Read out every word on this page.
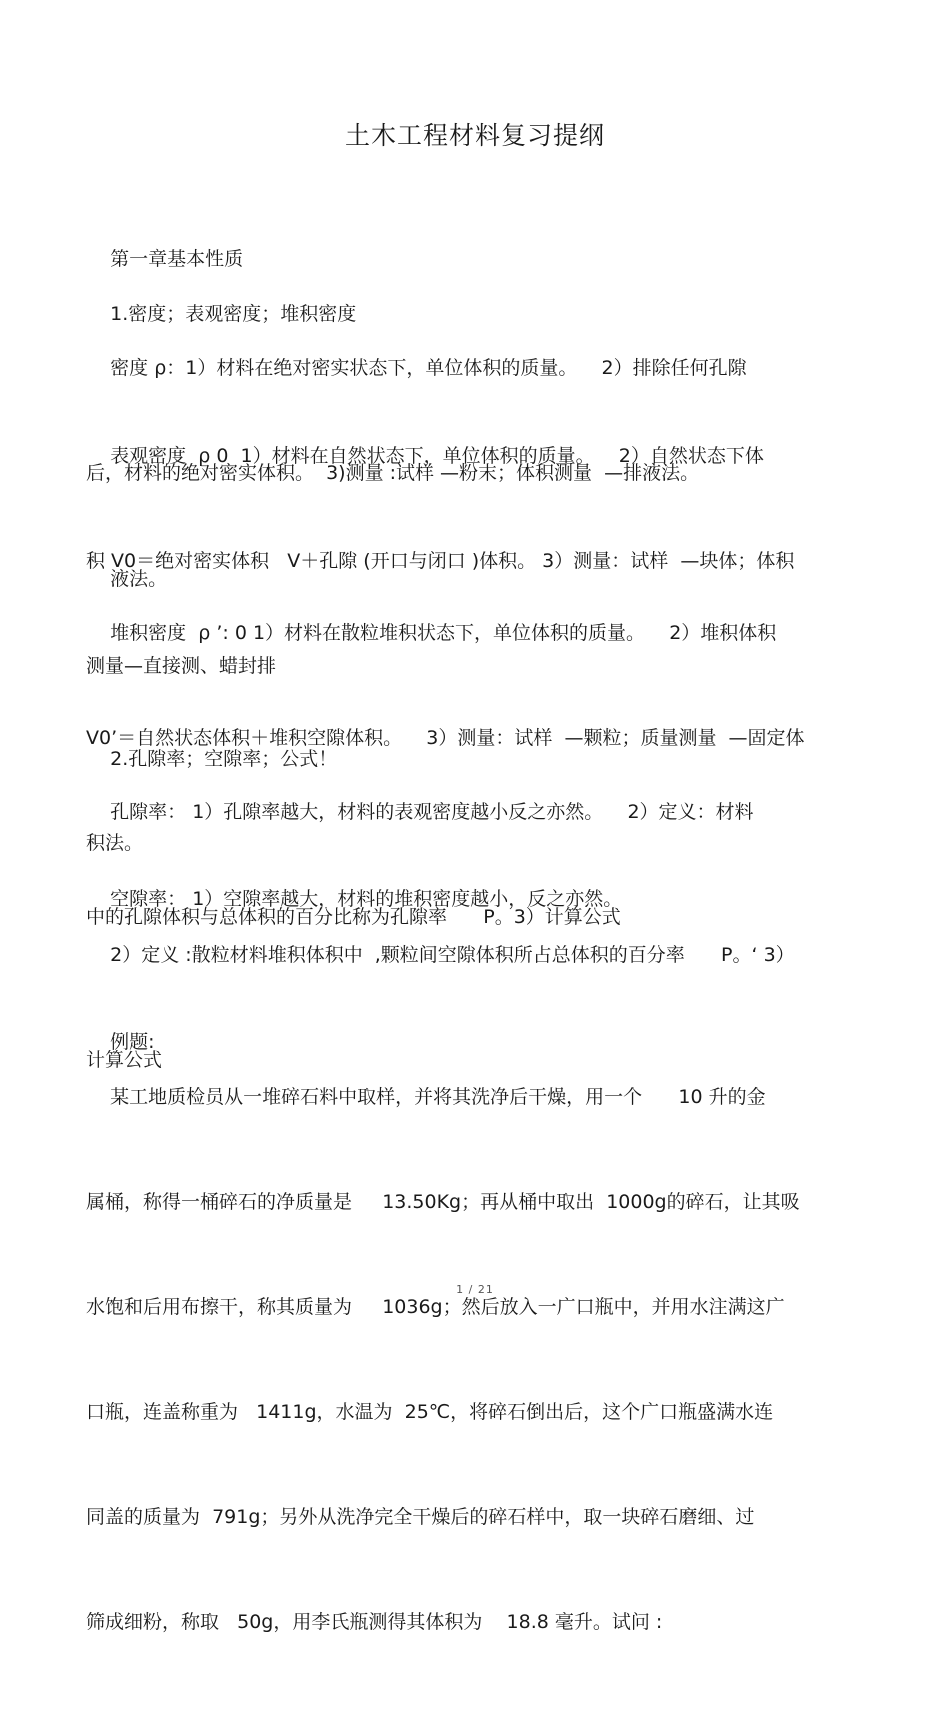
土木工程材料复习提纲

第一章基本性质

1.密度；表观密度；堆积密度

密度 ρ：1）材料在绝对密实状态下，单位体积的质量。    2）排除任何孔隙

后，材料的绝对密实体积。  3)测量 :试样 —粉末；体积测量  —排液法。

表观密度  ρ 0  1）材料在自然状态下，单位体积的质量。    2）自然状态下体

积 V0＝绝对密实体积   V＋孔隙 (开口与闭口 )体积。 3）测量：试样  —块体；体积

测量—直接测、蜡封排

液法。

堆积密度  ρ ’: 0 1）材料在散粒堆积状态下，单位体积的质量。    2）堆积体积

V0’＝自然状态体积＋堆积空隙体积。    3）测量：试样  —颗粒；质量测量  —固定体

积法。

2.孔隙率；空隙率；公式！

孔隙率： 1）孔隙率越大，材料的表观密度越小反之亦然。    2）定义：材料

中的孔隙体积与总体积的百分比称为孔隙率      P。3）计算公式

空隙率： 1）空隙率越大，材料的堆积密度越小，反之亦然。

2）定义 :散粒材料堆积体积中  ,颗粒间空隙体积所占总体积的百分率      P。‘ 3）

计算公式

例题:

某工地质检员从一堆碎石料中取样，并将其洗净后干燥，用一个      10 升的金

属桶，称得一桶碎石的净质量是     13.50Kg；再从桶中取出  1000g的碎石，让其吸

水饱和后用布擦干，称其质量为     1036g；然后放入一广口瓶中，并用水注满这广

口瓶，连盖称重为   1411g，水温为  25℃，将碎石倒出后，这个广口瓶盛满水连

同盖的质量为  791g；另外从洗净完全干燥后的碎石样中，取一块碎石磨细、过

筛成细粉，称取   50g，用李氏瓶测得其体积为    18.8 毫升。试问 :

1 / 21
